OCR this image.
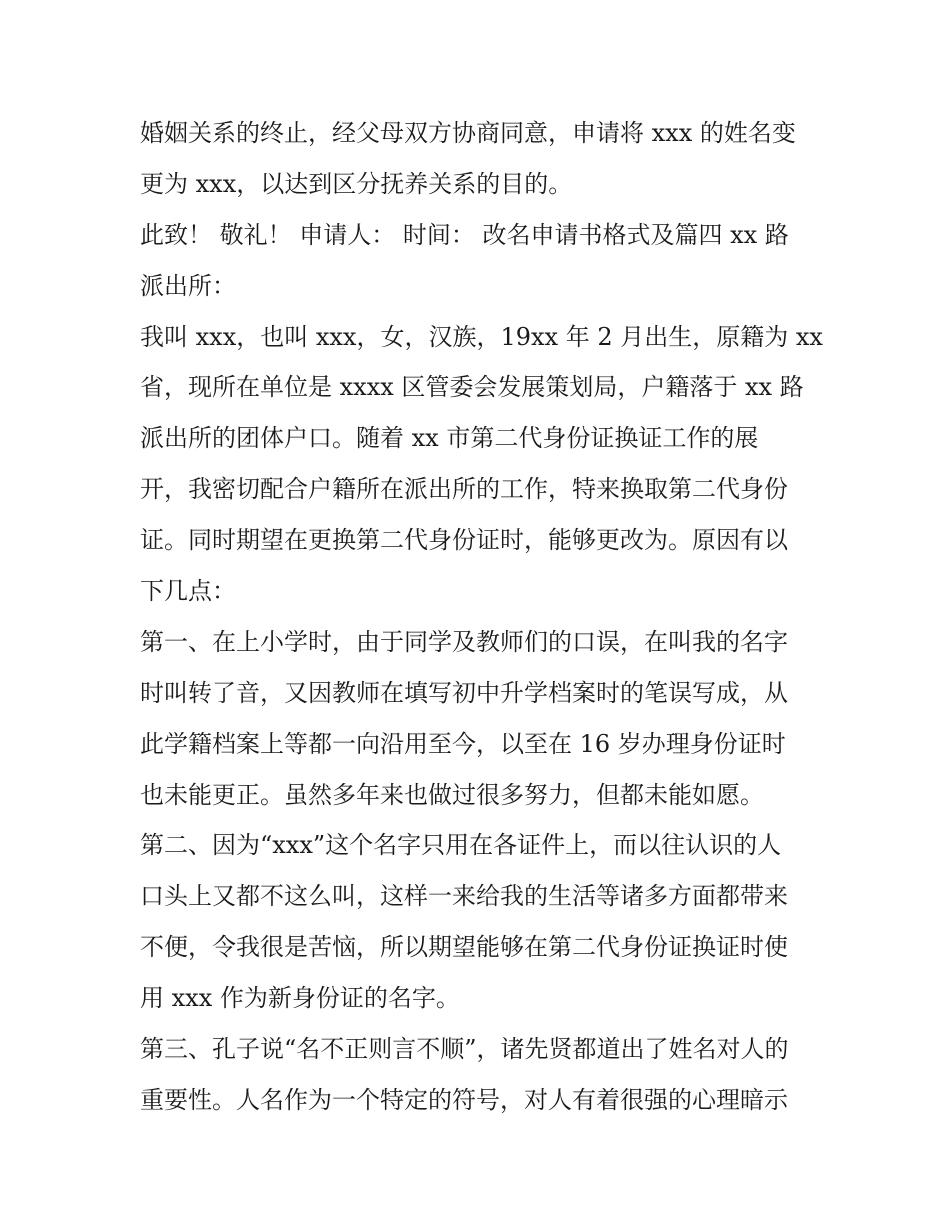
婚姻关系的终止，经父母双方协商同意，申请将 xxx 的姓名变
更为 xxx，以达到区分抚养关系的目的。
此致！ 敬礼！ 申请人： 时间： 改名申请书格式及篇四 xx 路
派出所：
我叫 xxx，也叫 xxx，女，汉族，19xx 年 2 月出生，原籍为 xx
省，现所在单位是 xxxx 区管委会发展策划局，户籍落于 xx 路
派出所的团体户口。随着 xx 市第二代身份证换证工作的展
开，我密切配合户籍所在派出所的工作，特来换取第二代身份
证。同时期望在更换第二代身份证时，能够更改为。原因有以
下几点：
第一、在上小学时，由于同学及教师们的口误，在叫我的名字
时叫转了音，又因教师在填写初中升学档案时的笔误写成，从
此学籍档案上等都一向沿用至今，以至在 16 岁办理身份证时
也未能更正。虽然多年来也做过很多努力，但都未能如愿。
第二、因为“xxx”这个名字只用在各证件上，而以往认识的人
口头上又都不这么叫，这样一来给我的生活等诸多方面都带来
不便，令我很是苦恼，所以期望能够在第二代身份证换证时使
用 xxx 作为新身份证的名字。
第三、孔子说“名不正则言不顺”，诸先贤都道出了姓名对人的
重要性。人名作为一个特定的符号，对人有着很强的心理暗示
